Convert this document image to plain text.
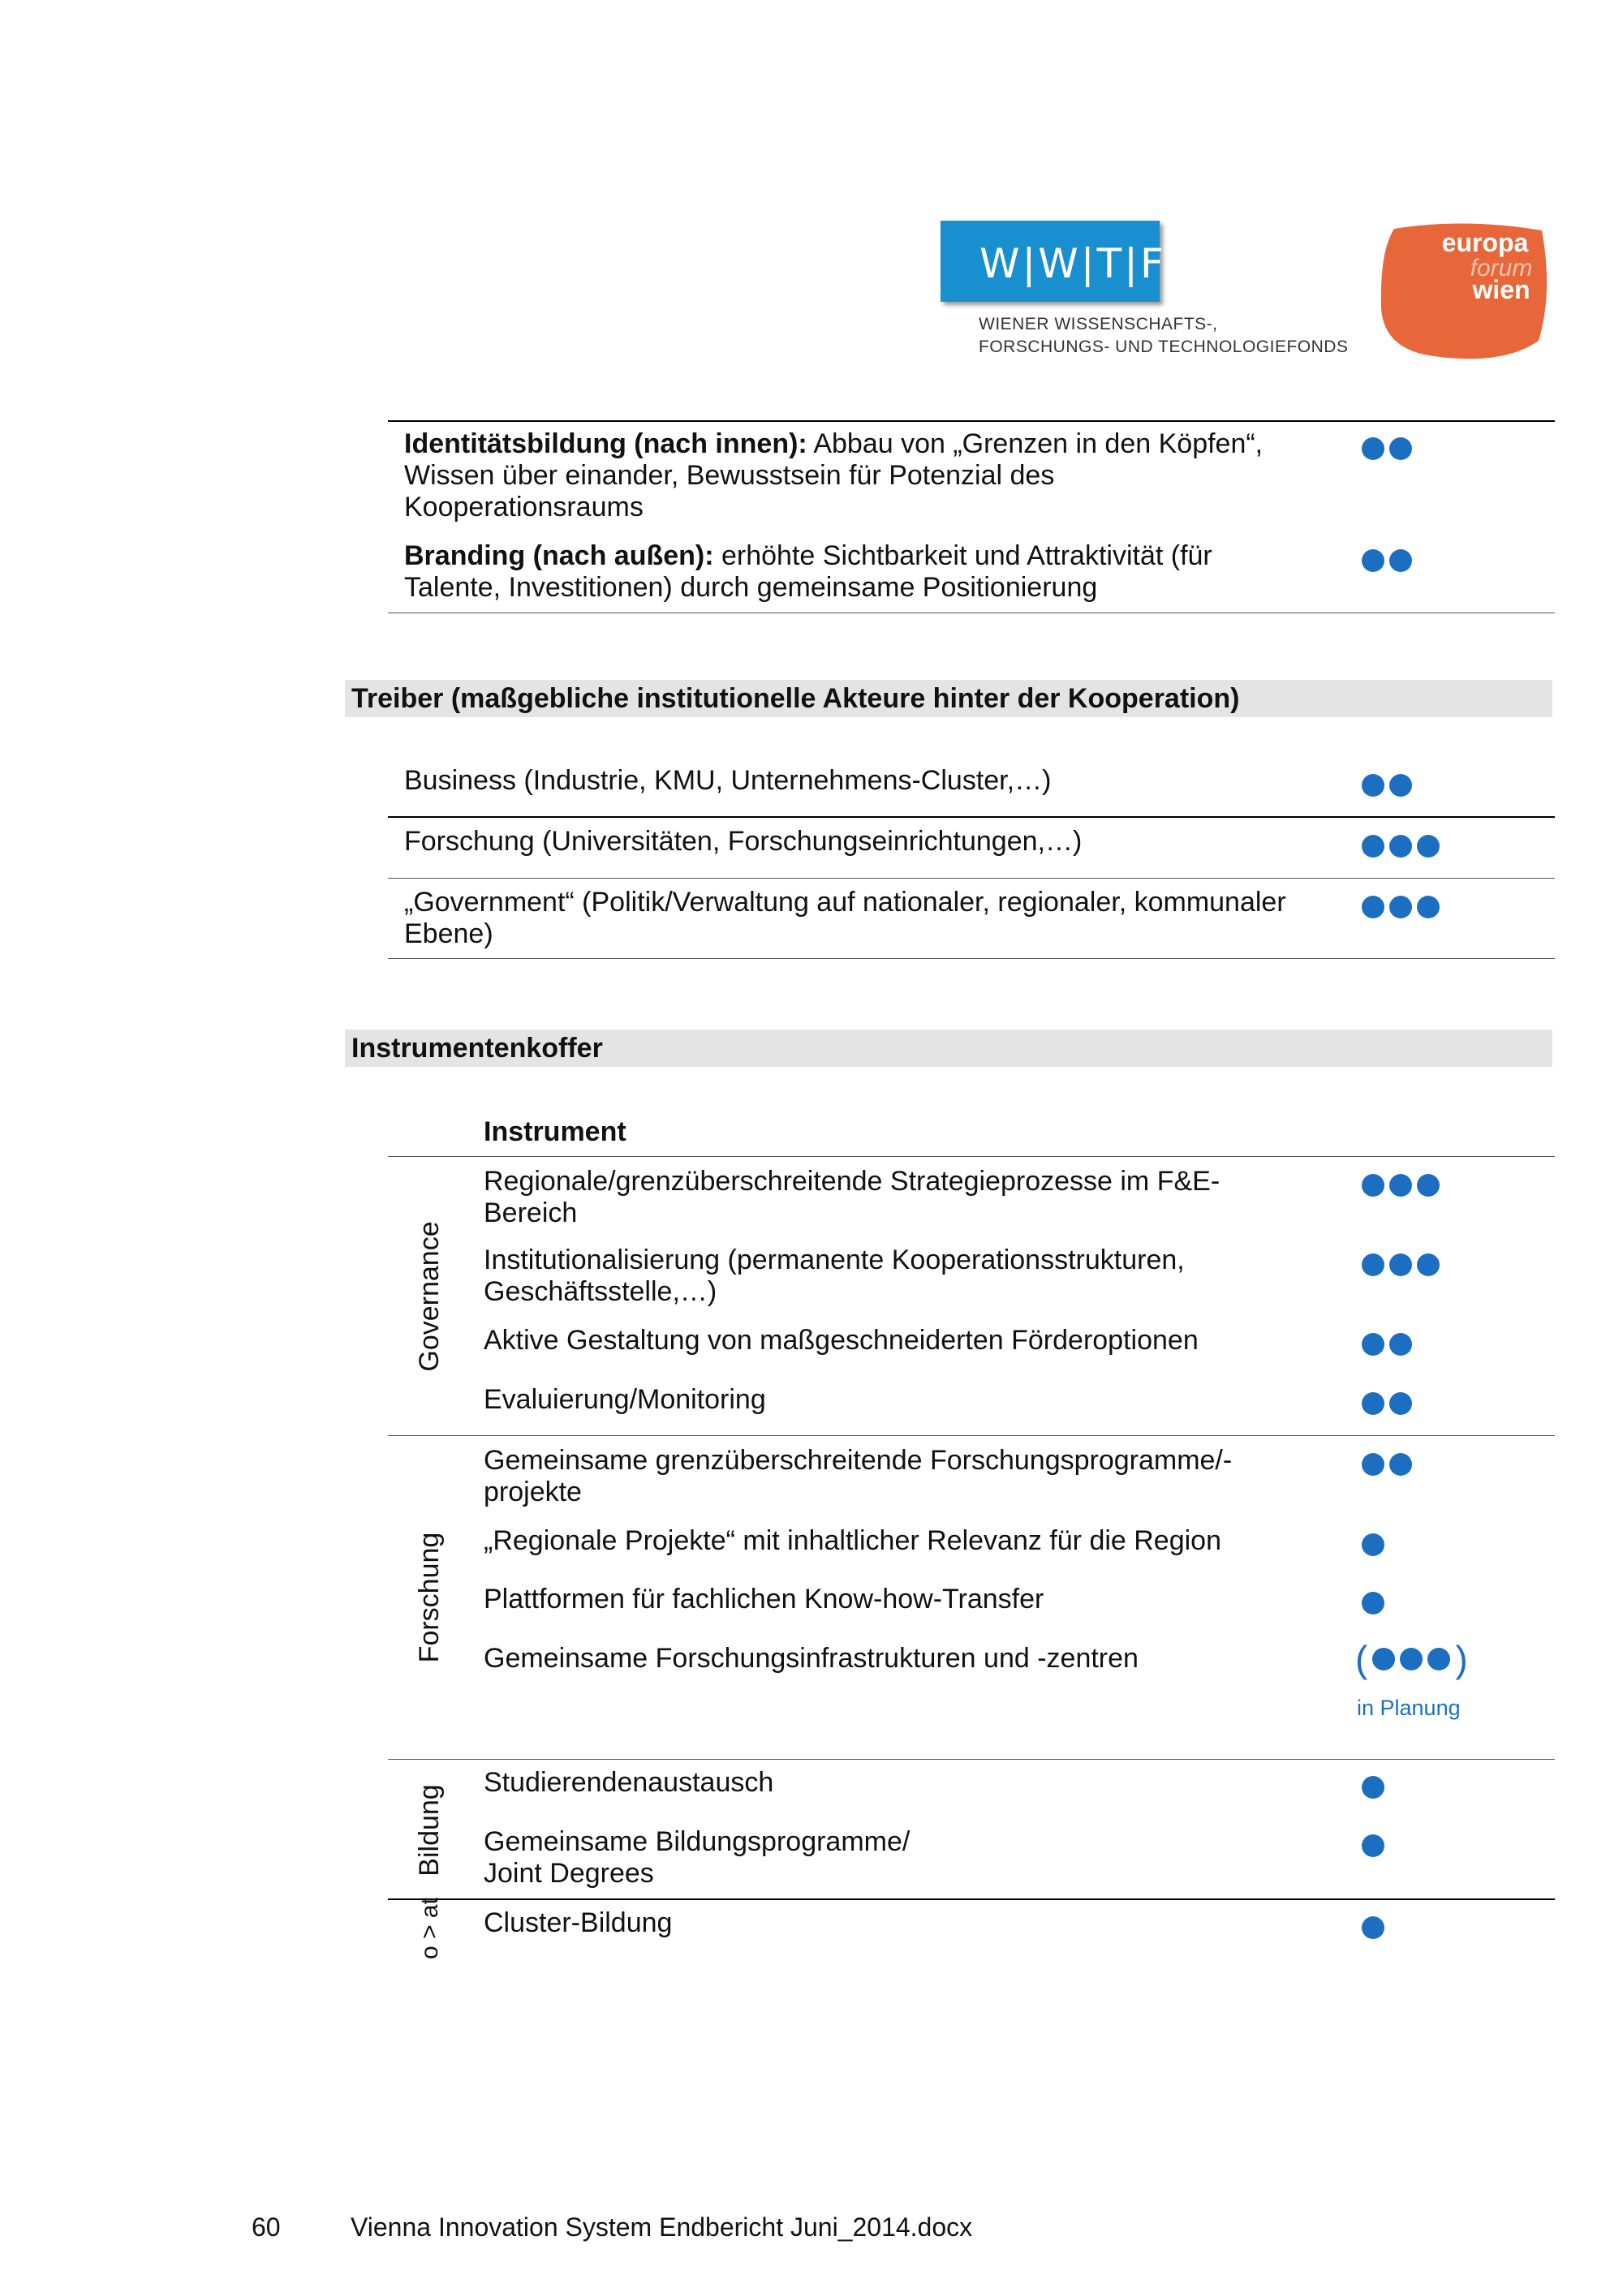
W|W|T|F
WIENER WISSENSCHAFTS-,
FORSCHUNGS- UND TECHNOLOGIEFONDS
europa
forum
wien
Identitätsbildung (nach innen): Abbau von „Grenzen in den Köpfen“,
Wissen über einander, Bewusstsein für Potenzial des
Kooperationsraums
Branding (nach außen): erhöhte Sichtbarkeit und Attraktivität (für
Talente, Investitionen) durch gemeinsame Positionierung
Treiber (maßgebliche institutionelle Akteure hinter der Kooperation)
Business (Industrie, KMU, Unternehmens-Cluster,…)
Forschung (Universitäten, Forschungseinrichtungen,…)
„Government“ (Politik/Verwaltung auf nationaler, regionaler, kommunaler
Ebene)
Instrumentenkoffer
Instrument
Governance
Regionale/grenzüberschreitende Strategieprozesse im F&E-
Bereich
Institutionalisierung (permanente Kooperationsstrukturen,
Geschäftsstelle,…)
Aktive Gestaltung von maßgeschneiderten Förderoptionen
Evaluierung/Monitoring
Forschung
Gemeinsame grenzüberschreitende Forschungsprogramme/-
projekte
„Regionale Projekte“ mit inhaltlicher Relevanz für die Region
Plattformen für fachlichen Know-how-Transfer
Gemeinsame Forschungsinfrastrukturen und -zentren	( )
in Planung
Bildung
Studierendenaustausch
Gemeinsame Bildungsprogramme/
Joint Degrees
o > at Cluster-Bildung
60	Vienna Innovation System Endbericht Juni_2014.docx
